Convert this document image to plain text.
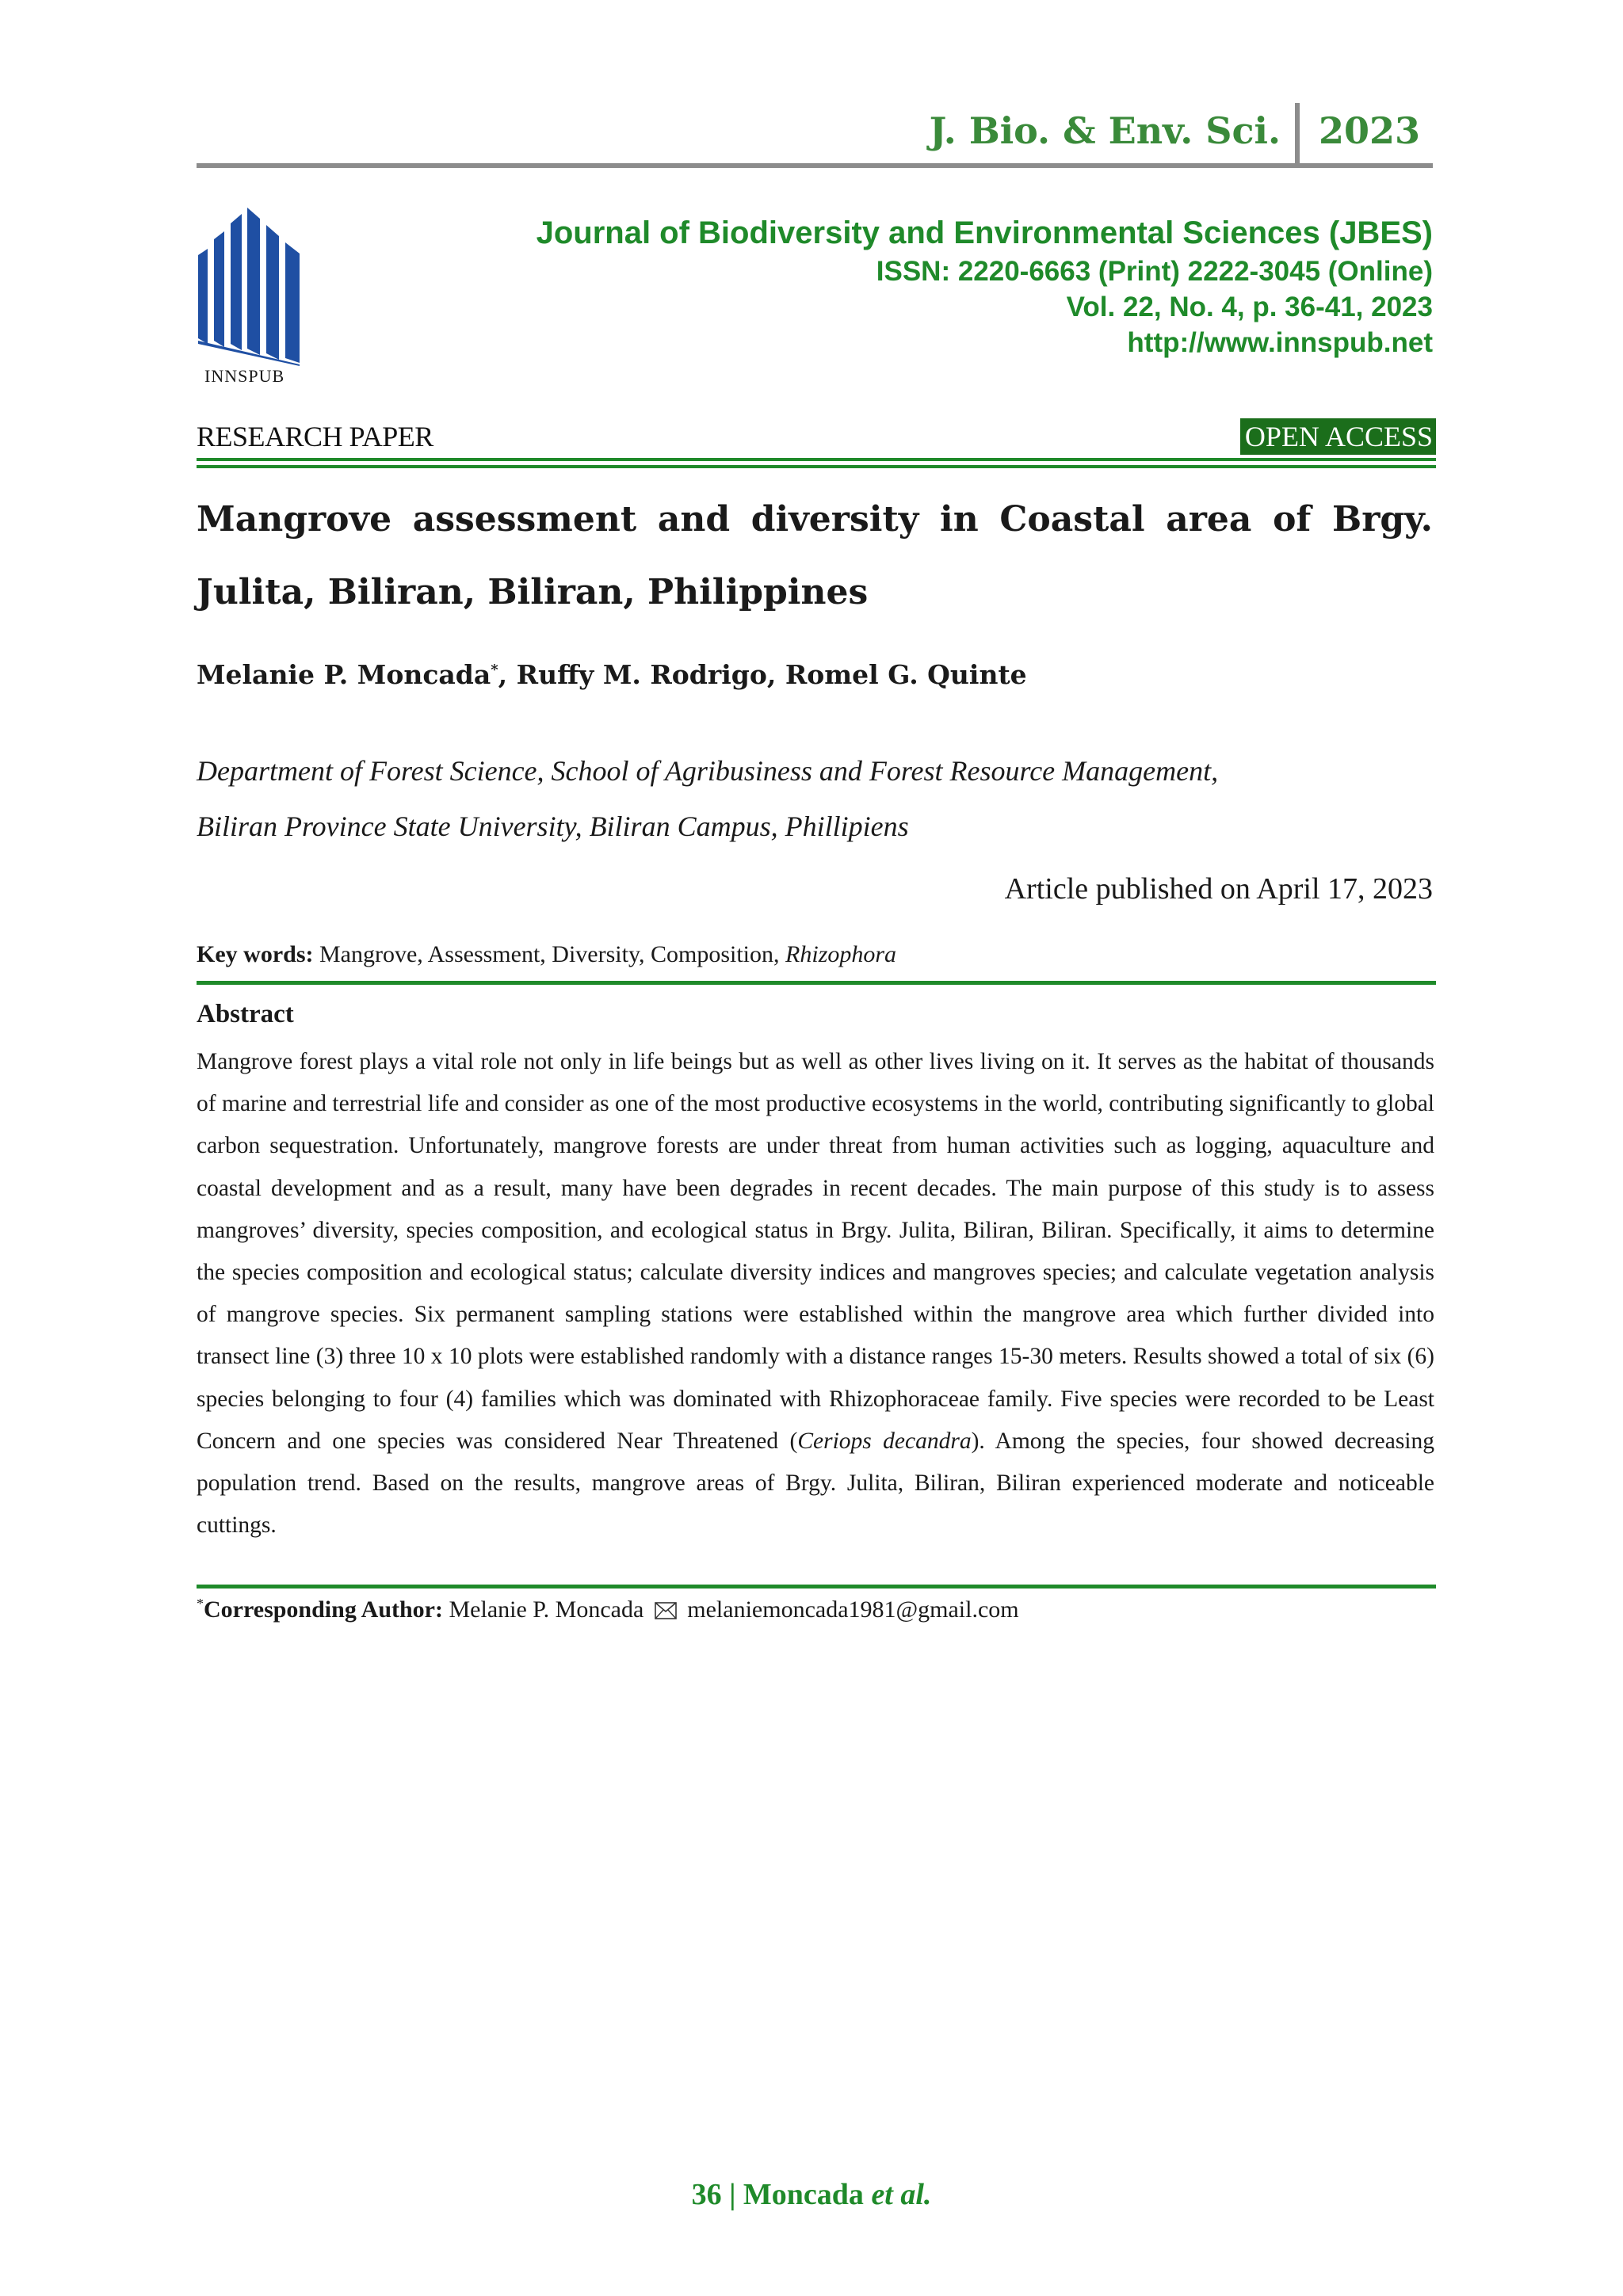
J. Bio. & Env. Sci. 2023
INNSPUB
Journal of Biodiversity and Environmental Sciences (JBES)
ISSN: 2220-6663 (Print) 2222-3045 (Online)
Vol. 22, No. 4, p. 36-41, 2023
http://www.innspub.net
RESEARCH PAPER	OPEN ACCESS
Mangrove assessment and diversity in Coastal area of Brgy. Julita, Biliran, Biliran, Philippines
Melanie P. Moncada*, Ruffy M. Rodrigo, Romel G. Quinte
Department of Forest Science, School of Agribusiness and Forest Resource Management,
Biliran Province State University, Biliran Campus, Phillipiens
Article published on April 17, 2023
Key words: Mangrove, Assessment, Diversity, Composition, Rhizophora
Abstract
Mangrove forest plays a vital role not only in life beings but as well as other lives living on it. It serves as the habitat of thousands of marine and terrestrial life and consider as one of the most productive ecosystems in the world, contributing significantly to global carbon sequestration. Unfortunately, mangrove forests are under threat from human activities such as logging, aquaculture and coastal development and as a result, many have been degrades in recent decades. The main purpose of this study is to assess mangroves’ diversity, species composition, and ecological status in Brgy. Julita, Biliran, Biliran. Specifically, it aims to determine the species composition and ecological status; calculate diversity indices and mangroves species; and calculate vegetation analysis of mangrove species. Six permanent sampling stations were established within the mangrove area which further divided into transect line (3) three 10 x 10 plots were established randomly with a distance ranges 15-30 meters. Results showed a total of six (6) species belonging to four (4) families which was dominated with Rhizophoraceae family. Five species were recorded to be Least Concern and one species was considered Near Threatened (Ceriops decandra). Among the species, four showed decreasing population trend. Based on the results, mangrove areas of Brgy. Julita, Biliran, Biliran experienced moderate and noticeable cuttings.
*Corresponding Author: Melanie P. Moncada  melaniemoncada1981@gmail.com
36 | Moncada et al.
